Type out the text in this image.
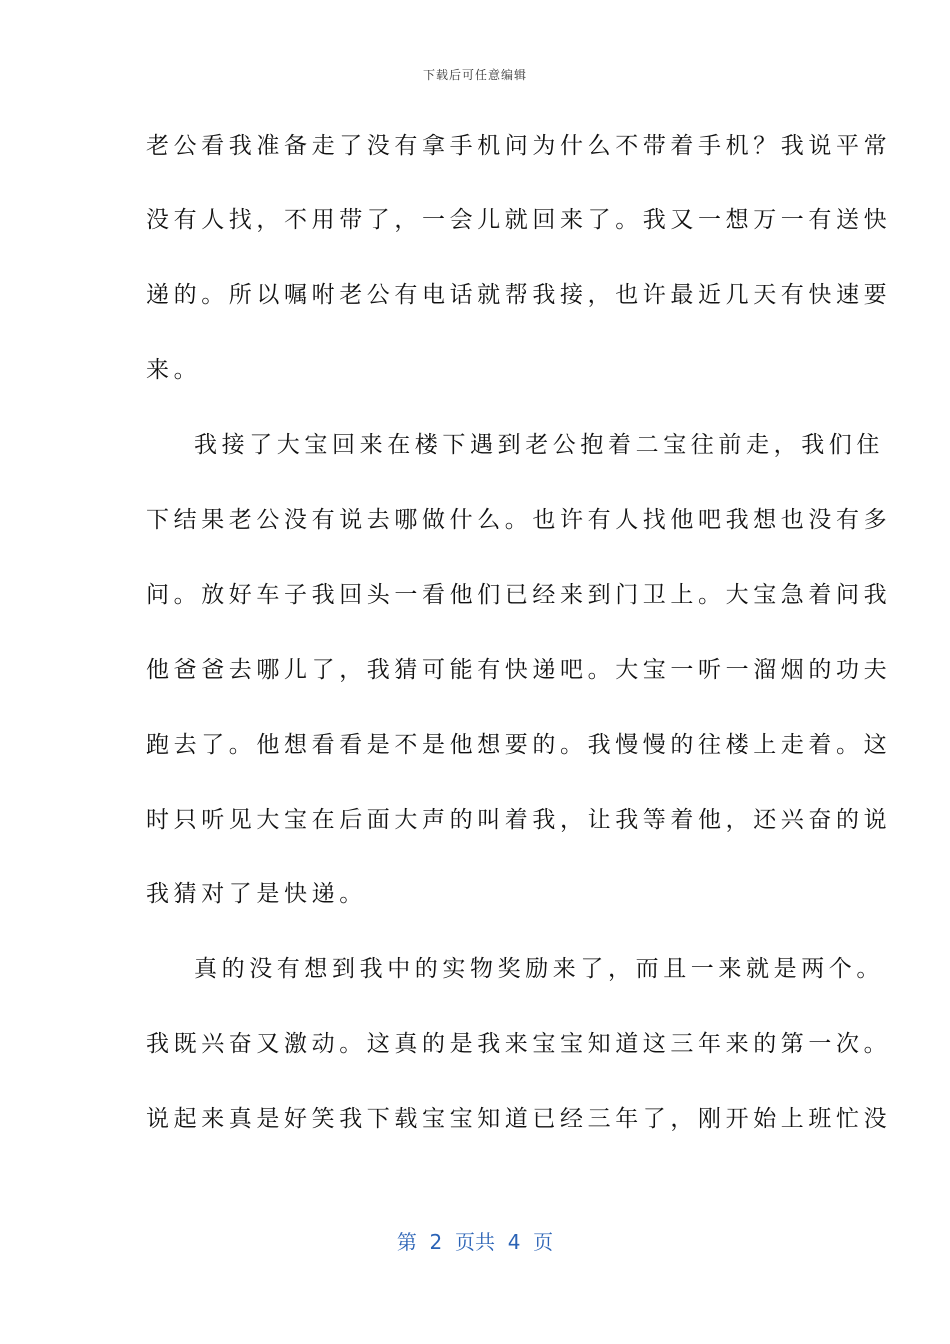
下载后可任意编辑
老公看我准备走了没有拿手机问为什么不带着手机？我说平常
没有人找，不用带了，一会儿就回来了。我又一想万一有送快
递的。所以嘱咐老公有电话就帮我接，也许最近几天有快速要
来。
我接了大宝回来在楼下遇到老公抱着二宝往前走，我们住
下结果老公没有说去哪做什么。也许有人找他吧我想也没有多
问。放好车子我回头一看他们已经来到门卫上。大宝急着问我
他爸爸去哪儿了，我猜可能有快递吧。大宝一听一溜烟的功夫
跑去了。他想看看是不是他想要的。我慢慢的往楼上走着。这
时只听见大宝在后面大声的叫着我，让我等着他，还兴奋的说
我猜对了是快递。
真的没有想到我中的实物奖励来了，而且一来就是两个。
我既兴奋又激动。这真的是我来宝宝知道这三年来的第一次。
说起来真是好笑我下载宝宝知道已经三年了，刚开始上班忙没
第  2  页共  4  页
